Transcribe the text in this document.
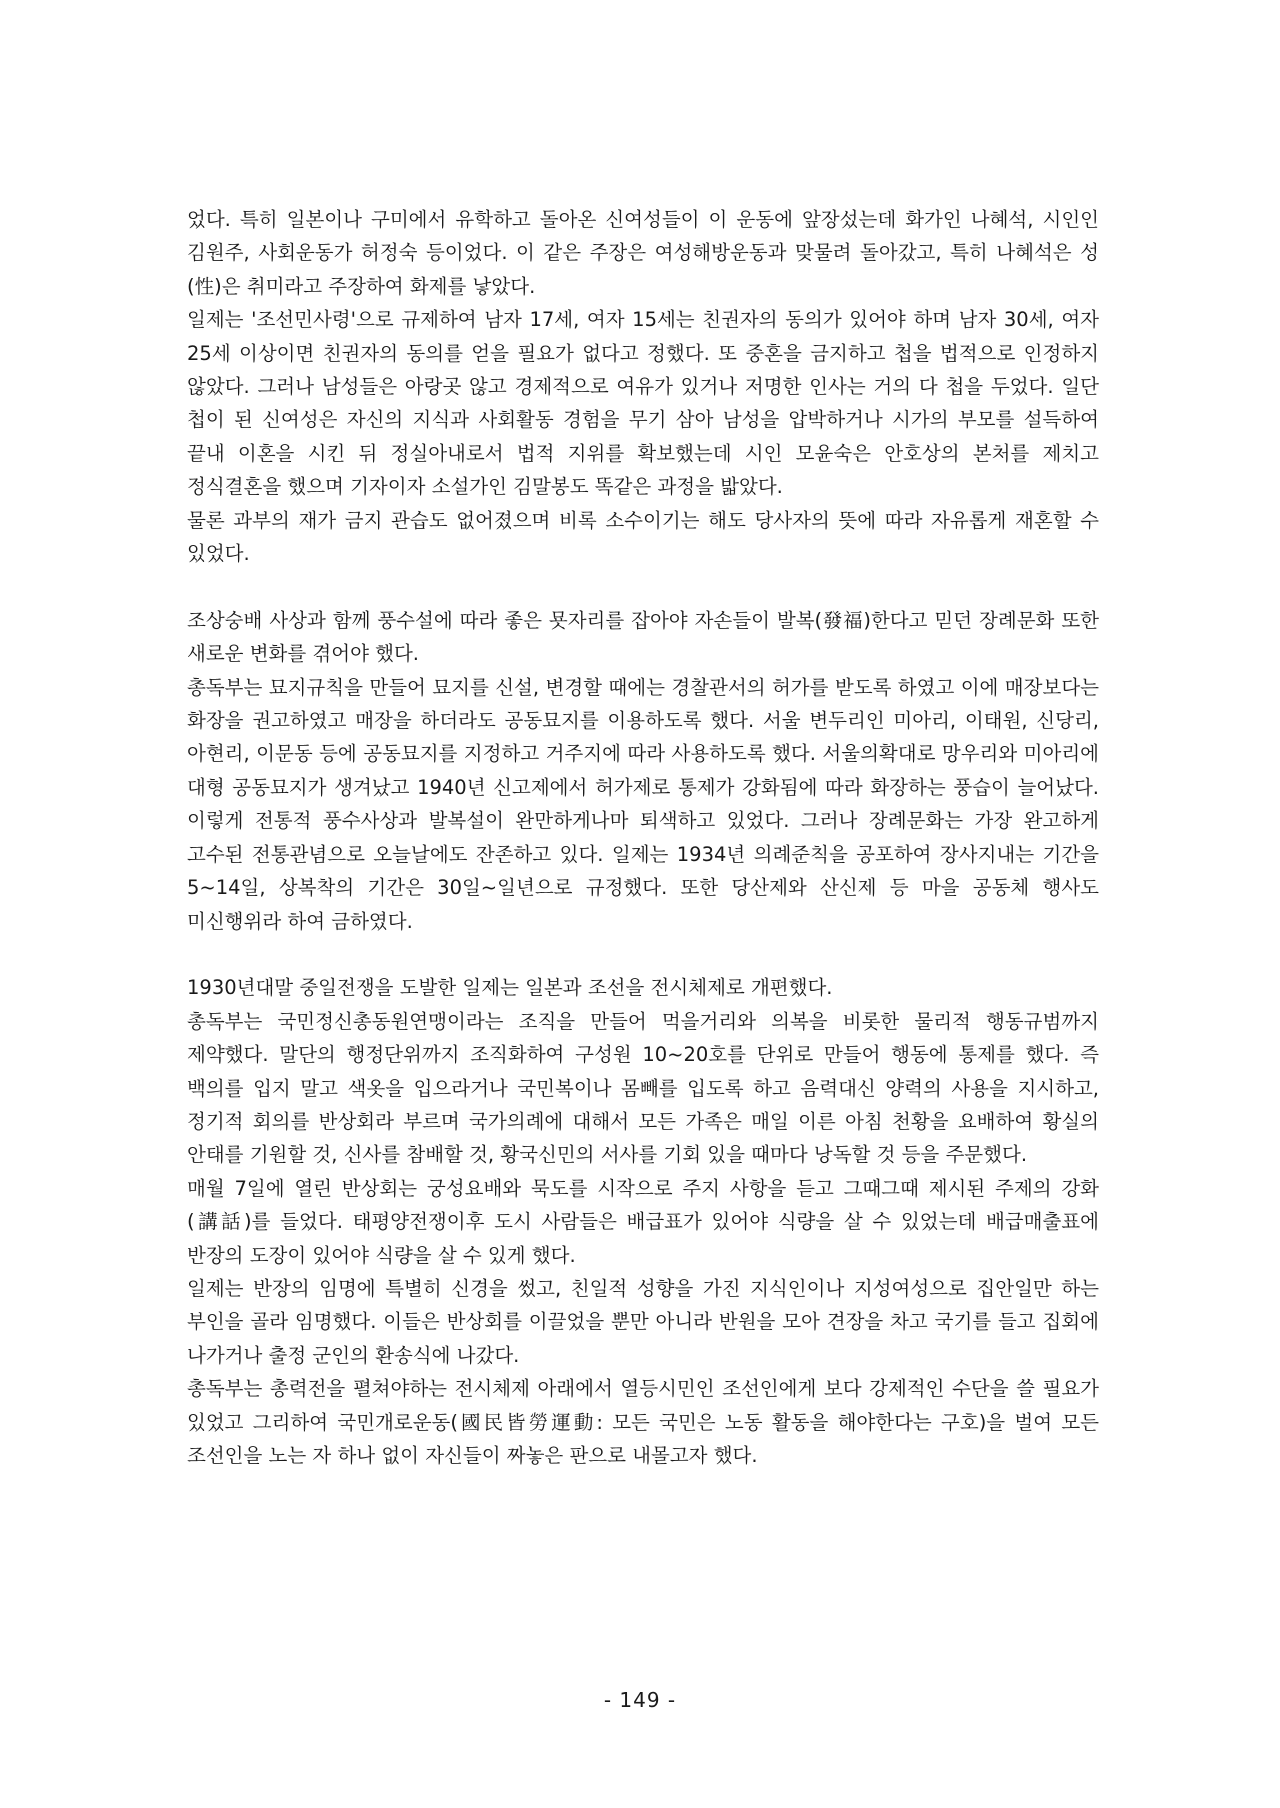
었다. 특히 일본이나 구미에서 유학하고 돌아온 신여성들이 이 운동에 앞장섰는데 화가인 나혜석, 시인인 김원주, 사회운동가 허정숙 등이었다. 이 같은 주장은 여성해방운동과 맞물려 돌아갔고, 특히 나혜석은 성(性)은 취미라고 주장하여 화제를 낳았다.

일제는 '조선민사령'으로 규제하여 남자 17세, 여자 15세는 친권자의 동의가 있어야 하며 남자 30세, 여자 25세 이상이면 친권자의 동의를 얻을 필요가 없다고 정했다. 또 중혼을 금지하고 첩을 법적으로 인정하지 않았다. 그러나 남성들은 아랑곳 않고 경제적으로 여유가 있거나 저명한 인사는 거의 다 첩을 두었다. 일단 첩이 된 신여성은 자신의 지식과 사회활동 경험을 무기 삼아 남성을 압박하거나 시가의 부모를 설득하여 끝내 이혼을 시킨 뒤 정실아내로서 법적 지위를 확보했는데 시인 모윤숙은 안호상의 본처를 제치고 정식결혼을 했으며 기자이자 소설가인 김말봉도 똑같은 과정을 밟았다.

물론 과부의 재가 금지 관습도 없어졌으며 비록 소수이기는 해도 당사자의 뜻에 따라 자유롭게 재혼할 수 있었다.

조상숭배 사상과 함께 풍수설에 따라 좋은 묫자리를 잡아야 자손들이 발복(發福)한다고 믿던 장례문화 또한 새로운 변화를 겪어야 했다.

총독부는 묘지규칙을 만들어 묘지를 신설, 변경할 때에는 경찰관서의 허가를 받도록 하였고 이에 매장보다는 화장을 권고하였고 매장을 하더라도 공동묘지를 이용하도록 했다. 서울 변두리인 미아리, 이태원, 신당리, 아현리, 이문동 등에 공동묘지를 지정하고 거주지에 따라 사용하도록 했다. 서울의확대로 망우리와 미아리에 대형 공동묘지가 생겨났고 1940년 신고제에서 허가제로 통제가 강화됨에 따라 화장하는 풍습이 늘어났다. 이렇게 전통적 풍수사상과 발복설이 완만하게나마 퇴색하고 있었다. 그러나 장례문화는 가장 완고하게 고수된 전통관념으로 오늘날에도 잔존하고 있다. 일제는 1934년 의례준칙을 공포하여 장사지내는 기간을 5~14일, 상복착의 기간은 30일~일년으로 규정했다. 또한 당산제와 산신제 등 마을 공동체 행사도 미신행위라 하여 금하였다.

1930년대말 중일전쟁을 도발한 일제는 일본과 조선을 전시체제로 개편했다.

총독부는 국민정신총동원연맹이라는 조직을 만들어 먹을거리와 의복을 비롯한 물리적 행동규범까지 제약했다. 말단의 행정단위까지 조직화하여 구성원 10~20호를 단위로 만들어 행동에 통제를 했다. 즉 백의를 입지 말고 색옷을 입으라거나 국민복이나 몸빼를 입도록 하고 음력대신 양력의 사용을 지시하고, 정기적 회의를 반상회라 부르며 국가의례에 대해서 모든 가족은 매일 이른 아침 천황을 요배하여 황실의 안태를 기원할 것, 신사를 참배할 것, 황국신민의 서사를 기회 있을 때마다 낭독할 것 등을 주문했다.

매월 7일에 열린 반상회는 궁성요배와 묵도를 시작으로 주지 사항을 듣고 그때그때 제시된 주제의 강화(講話)를 들었다. 태평양전쟁이후 도시 사람들은 배급표가 있어야 식량을 살 수 있었는데 배급매출표에 반장의 도장이 있어야 식량을 살 수 있게 했다.

일제는 반장의 임명에 특별히 신경을 썼고, 친일적 성향을 가진 지식인이나 지성여성으로 집안일만 하는 부인을 골라 임명했다. 이들은 반상회를 이끌었을 뿐만 아니라 반원을 모아 견장을 차고 국기를 들고 집회에 나가거나 출정 군인의 환송식에 나갔다.

총독부는 총력전을 펼쳐야하는 전시체제 아래에서 열등시민인 조선인에게 보다 강제적인 수단을 쓸 필요가 있었고 그리하여 국민개로운동(國民皆勞運動: 모든 국민은 노동 활동을 해야한다는 구호)을 벌여 모든 조선인을 노는 자 하나 없이 자신들이 짜놓은 판으로 내몰고자 했다.

- 149 -
